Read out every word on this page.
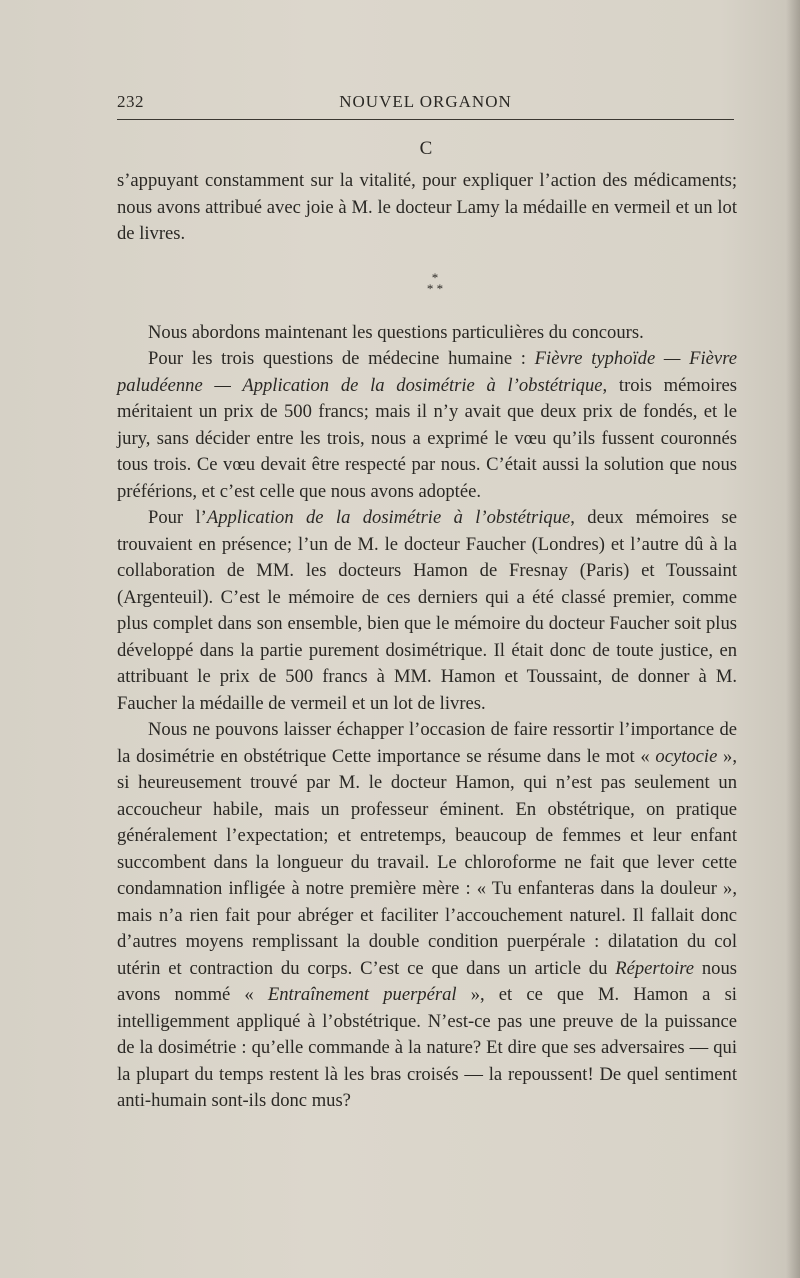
232	NOUVEL ORGANON
C

s’appuyant constamment sur la vitalité, pour expliquer l’action des médicaments; nous avons attribué avec joie à M. le docteur Lamy la médaille en vermeil et un lot de livres.

*
* *

Nous abordons maintenant les questions particulières du concours.

Pour les trois questions de médecine humaine : Fièvre typhoïde — Fièvre paludéenne — Application de la dosimétrie à l’obstétrique, trois mémoires méritaient un prix de 500 francs; mais il n’y avait que deux prix de fondés, et le jury, sans décider entre les trois, nous a exprimé le vœu qu’ils fussent couronnés tous trois. Ce vœu devait être respecté par nous. C’était aussi la solution que nous préférions, et c’est celle que nous avons adoptée.

Pour l’Application de la dosimétrie à l’obstétrique, deux mémoires se trouvaient en présence; l’un de M. le docteur Faucher (Londres) et l’autre dû à la collaboration de MM. les docteurs Hamon de Fresnay (Paris) et Toussaint (Argenteuil). C’est le mémoire de ces derniers qui a été classé premier, comme plus complet dans son ensemble, bien que le mémoire du docteur Faucher soit plus développé dans la partie purement dosimétrique. Il était donc de toute justice, en attribuant le prix de 500 francs à MM. Hamon et Toussaint, de donner à M. Faucher la médaille de vermeil et un lot de livres.

Nous ne pouvons laisser échapper l’occasion de faire ressortir l’importance de la dosimétrie en obstétrique Cette importance se résume dans le mot « ocytocie », si heureusement trouvé par M. le docteur Hamon, qui n’est pas seulement un accoucheur habile, mais un professeur éminent. En obstétrique, on pratique généralement l’expectation; et entretemps, beaucoup de femmes et leur enfant succombent dans la longueur du travail. Le chloroforme ne fait que lever cette condamnation infligée à notre première mère : « Tu enfanteras dans la douleur », mais n’a rien fait pour abréger et faciliter l’accouchement naturel. Il fallait donc d’autres moyens remplissant la double condition puerpérale : dilatation du col utérin et contraction du corps. C’est ce que dans un article du Répertoire nous avons nommé « Entraînement puerpéral », et ce que M. Hamon a si intelligemment appliqué à l’obstétrique. N’est-ce pas une preuve de la puissance de la dosimétrie : qu’elle commande à la nature? Et dire que ses adversaires — qui la plupart du temps restent là les bras croisés — la repoussent! De quel sentiment anti-humain sont-ils donc mus?
